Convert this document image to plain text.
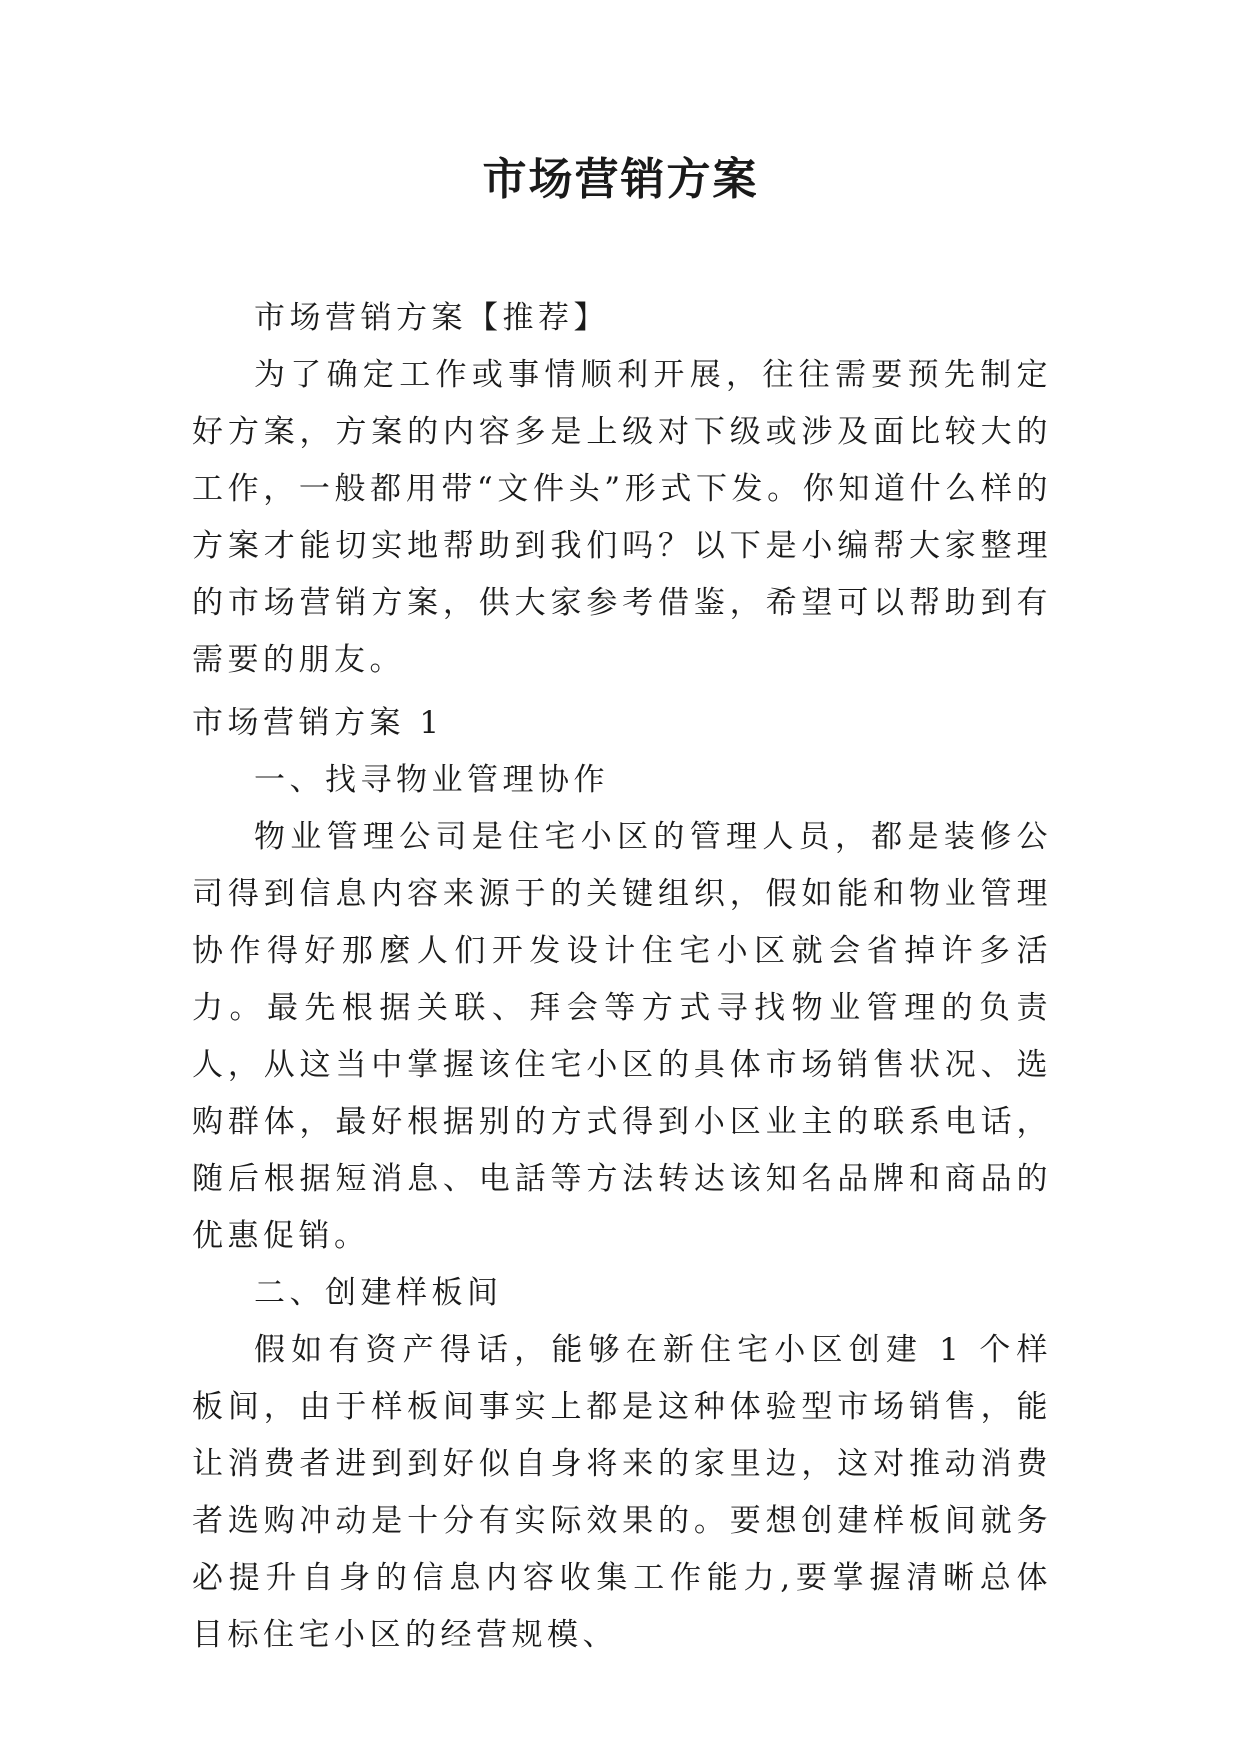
市场营销方案

市场营销方案【推荐】

为了确定工作或事情顺利开展，往往需要预先制定好方案，方案的内容多是上级对下级或涉及面比较大的工作，一般都用带“文件头”形式下发。你知道什么样的方案才能切实地帮助到我们吗？以下是小编帮大家整理的市场营销方案，供大家参考借鉴，希望可以帮助到有需要的朋友。

市场营销方案 1

一、找寻物业管理协作

物业管理公司是住宅小区的管理人员，都是装修公司得到信息内容来源于的关键组织，假如能和物业管理协作得好那麼人们开发设计住宅小区就会省掉许多活力。最先根据关联、拜会等方式寻找物业管理的负责人，从这当中掌握该住宅小区的具体市场销售状况、选购群体，最好根据别的方式得到小区业主的联系电话，随后根据短消息、电話等方法转达该知名品牌和商品的优惠促销。

二、创建样板间

假如有资产得话，能够在新住宅小区创建 1 个样板间，由于样板间事实上都是这种体验型市场销售，能让消费者进到到好似自身将来的家里边，这对推动消费者选购冲动是十分有实际效果的。要想创建样板间就务必提升自身的信息内容收集工作能力,要掌握清晰总体目标住宅小区的经营规模、
